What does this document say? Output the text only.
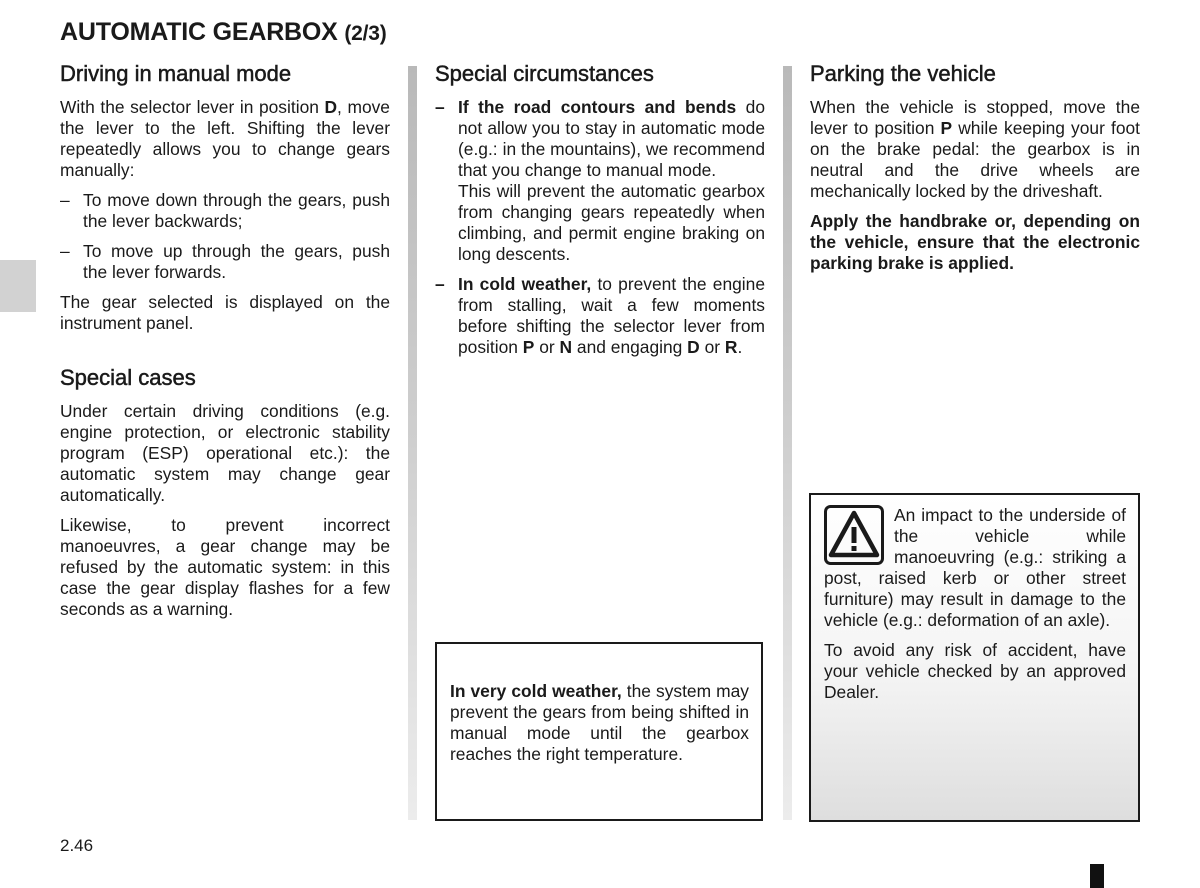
AUTOMATIC GEARBOX (2/3)
Driving in manual mode

With the selector lever in position D, move the lever to the left. Shifting the lever repeatedly allows you to change gears manually:

– To move down through the gears, push the lever backwards;
– To move up through the gears, push the lever forwards.

The gear selected is displayed on the instrument panel.

Special cases

Under certain driving conditions (e.g. engine protection, or electronic stability program (ESP) operational etc.): the automatic system may change gear automatically.

Likewise, to prevent incorrect manoeuvres, a gear change may be refused by the automatic system: in this case the gear display flashes for a few seconds as a warning.

Special circumstances
– If the road contours and bends do not allow you to stay in automatic mode (e.g.: in the mountains), we recommend that you change to manual mode.
This will prevent the automatic gearbox from changing gears repeatedly when climbing, and permit engine braking on long descents.
– In cold weather, to prevent the engine from stalling, wait a few moments before shifting the selector lever from position P or N and engaging D or R.

In very cold weather, the system may prevent the gears from being shifted in manual mode until the gearbox reaches the right temperature.

Parking the vehicle

When the vehicle is stopped, move the lever to position P while keeping your foot on the brake pedal: the gearbox is in neutral and the drive wheels are mechanically locked by the driveshaft.

Apply the handbrake or, depending on the vehicle, ensure that the electronic parking brake is applied.

An impact to the underside of the vehicle while manoeuvring (e.g.: striking a post, raised kerb or other street furniture) may result in damage to the vehicle (e.g.: deformation of an axle).

To avoid any risk of accident, have your vehicle checked by an approved Dealer.

2.46
